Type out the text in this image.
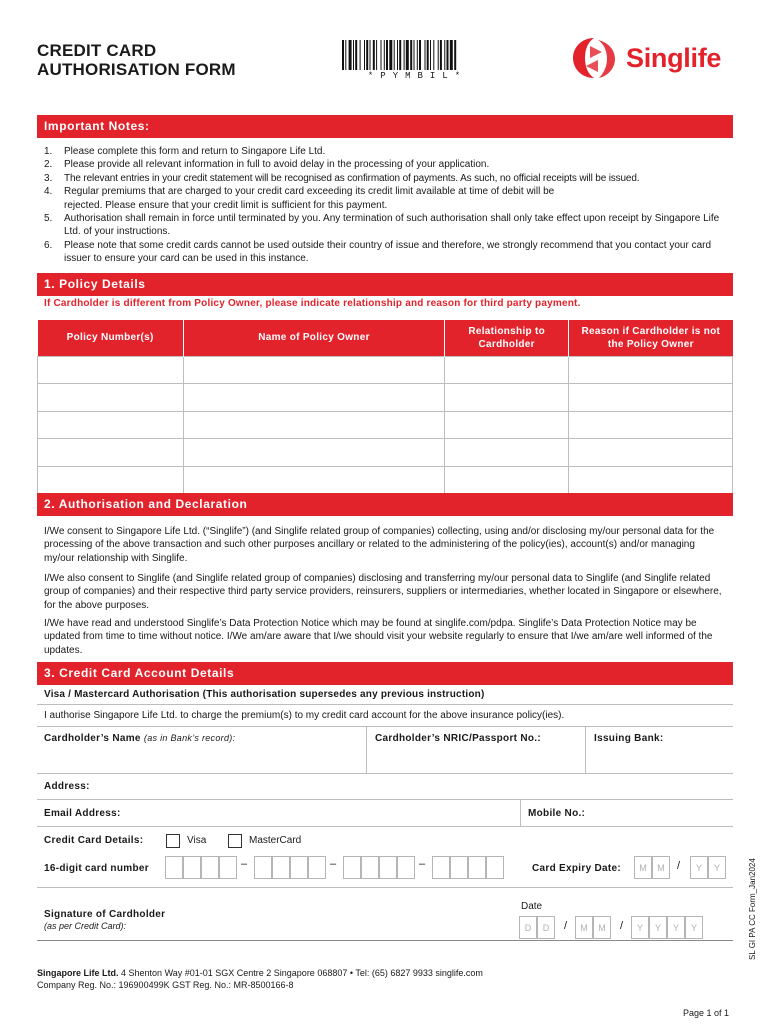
CREDIT CARD
AUTHORISATION FORM	*PYMBIL*
Singlife
Important Notes:
1.	Please complete this form and return to Singapore Life Ltd.
2.	Please provide all relevant information in full to avoid delay in the processing of your application.
3.	The relevant entries in your credit statement will be recognised as confirmation of payments. As such, no official receipts will be issued.
4.	Regular premiums that are charged to your credit card exceeding its credit limit available at time of debit will be rejected. Please ensure that your credit limit is sufficient for this payment.
5.	Authorisation shall remain in force until terminated by you. Any termination of such authorisation shall only take effect upon receipt by Singapore Life Ltd. of your instructions.
6.	Please note that some credit cards cannot be used outside their country of issue and therefore, we strongly recommend that you contact your card issuer to ensure your card can be used in this instance.
1. Policy Details
If Cardholder is different from Policy Owner, please indicate relationship and reason for third party payment.
Policy Number(s)	Name of Policy Owner	Relationship to Cardholder	Reason if Cardholder is not the Policy Owner

2. Authorisation and Declaration

I/We consent to Singapore Life Ltd. (“Singlife”) (and Singlife related group of companies) collecting, using and/or disclosing my/our personal data for the processing of the above transaction and such other purposes ancillary or related to the administering of the policy(ies), account(s) and/or managing my/our relationship with Singlife.

I/We also consent to Singlife (and Singlife related group of companies) disclosing and transferring my/our personal data to Singlife (and Singlife related group of companies) and their respective third party service providers, reinsurers, suppliers or intermediaries, whether located in Singapore or elsewhere, for the above purposes.

I/We have read and understood Singlife’s Data Protection Notice which may be found at singlife.com/pdpa. Singlife’s Data Protection Notice may be updated from time to time without notice. I/We am/are aware that I/we should visit your website regularly to ensure that I/we am/are well informed of the updates.

3. Credit Card Account Details
Visa / Mastercard Authorisation (This authorisation supersedes any previous instruction)
I authorise Singapore Life Ltd. to charge the premium(s) to my credit card account for the above insurance policy(ies).
Cardholder’s Name (as in Bank’s record):	Cardholder’s NRIC/Passport No.:	Issuing Bank:
Address:
Email Address:	Mobile No.:
Credit Card Details:	Visa	MasterCard
16-digit card number	–	–	–	Card Expiry Date:	M	M	/	Y	Y
Signature of Cardholder
(as per Credit Card):
Date
D	D	/	M	M	/	Y	Y	Y	Y
Singapore Life Ltd. 4 Shenton Way #01-01 SGX Centre 2 Singapore 068807 • Tel: (65) 6827 9933 singlife.com
Company Reg. No.: 196900499K GST Reg. No.: MR-8500166-8
Page 1 of 1
SL GI PA CC Form_Jan2024
